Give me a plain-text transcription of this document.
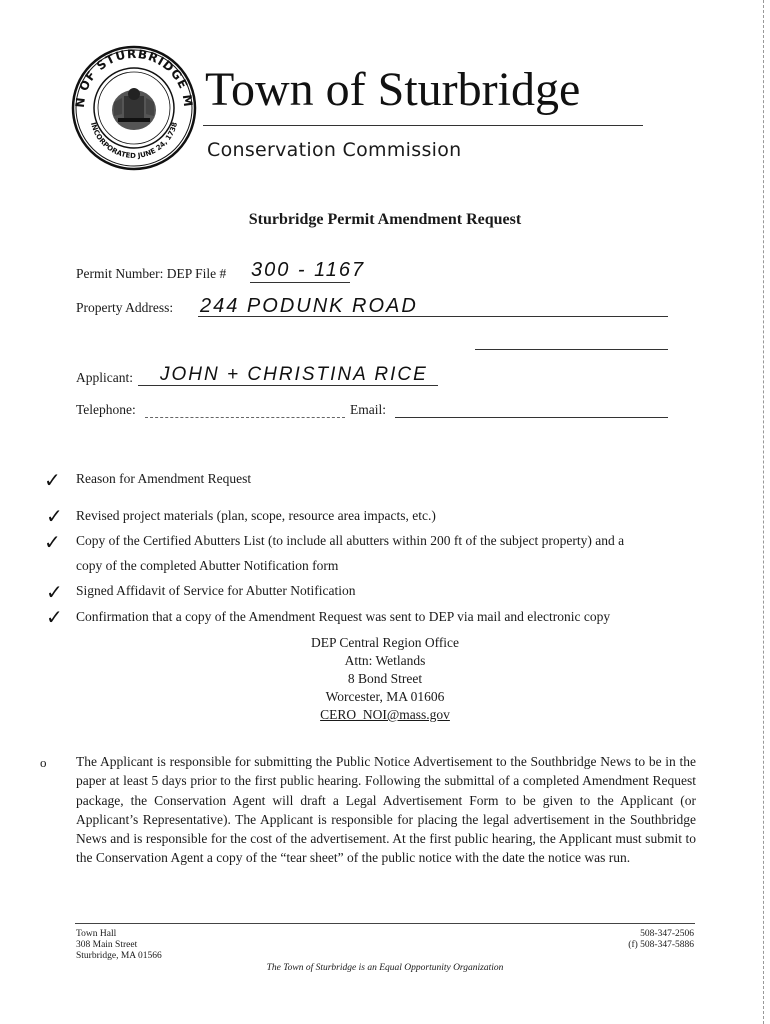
N OF STURBRIDGE M
INCORPORATED JUNE 24, 1738
Town of Sturbridge
Conservation Commission
Sturbridge Permit Amendment Request
Permit Number: DEP File # 300 - 1167
Property Address: 244 PODUNK ROAD
Applicant: JOHN + CHRISTINA RICE
Telephone:	Email:
✓ Reason for Amendment Request
✓ Revised project materials (plan, scope, resource area impacts, etc.)
✓ Copy of the Certified Abutters List (to include all abutters within 200 ft of the subject property) and a
copy of the completed Abutter Notification form
✓ Signed Affidavit of Service for Abutter Notification
✓ Confirmation that a copy of the Amendment Request was sent to DEP via mail and electronic copy
DEP Central Region Office
Attn: Wetlands
8 Bond Street
Worcester, MA 01606
CERO_NOI@mass.gov
o The Applicant is responsible for submitting the Public Notice Advertisement to the Southbridge News to be in the paper at least 5 days prior to the first public hearing. Following the submittal of a completed Amendment Request package, the Conservation Agent will draft a Legal Advertisement Form to be given to the Applicant (or Applicant’s Representative). The Applicant is responsible for placing the legal advertisement in the Southbridge News and is responsible for the cost of the advertisement. At the first public hearing, the Applicant must submit to the Conservation Agent a copy of the “tear sheet” of the public notice with the date the notice was run.
Town Hall
308 Main Street
Sturbridge, MA 01566
508-347-2506
(f) 508-347-5886
The Town of Sturbridge is an Equal Opportunity Organization
